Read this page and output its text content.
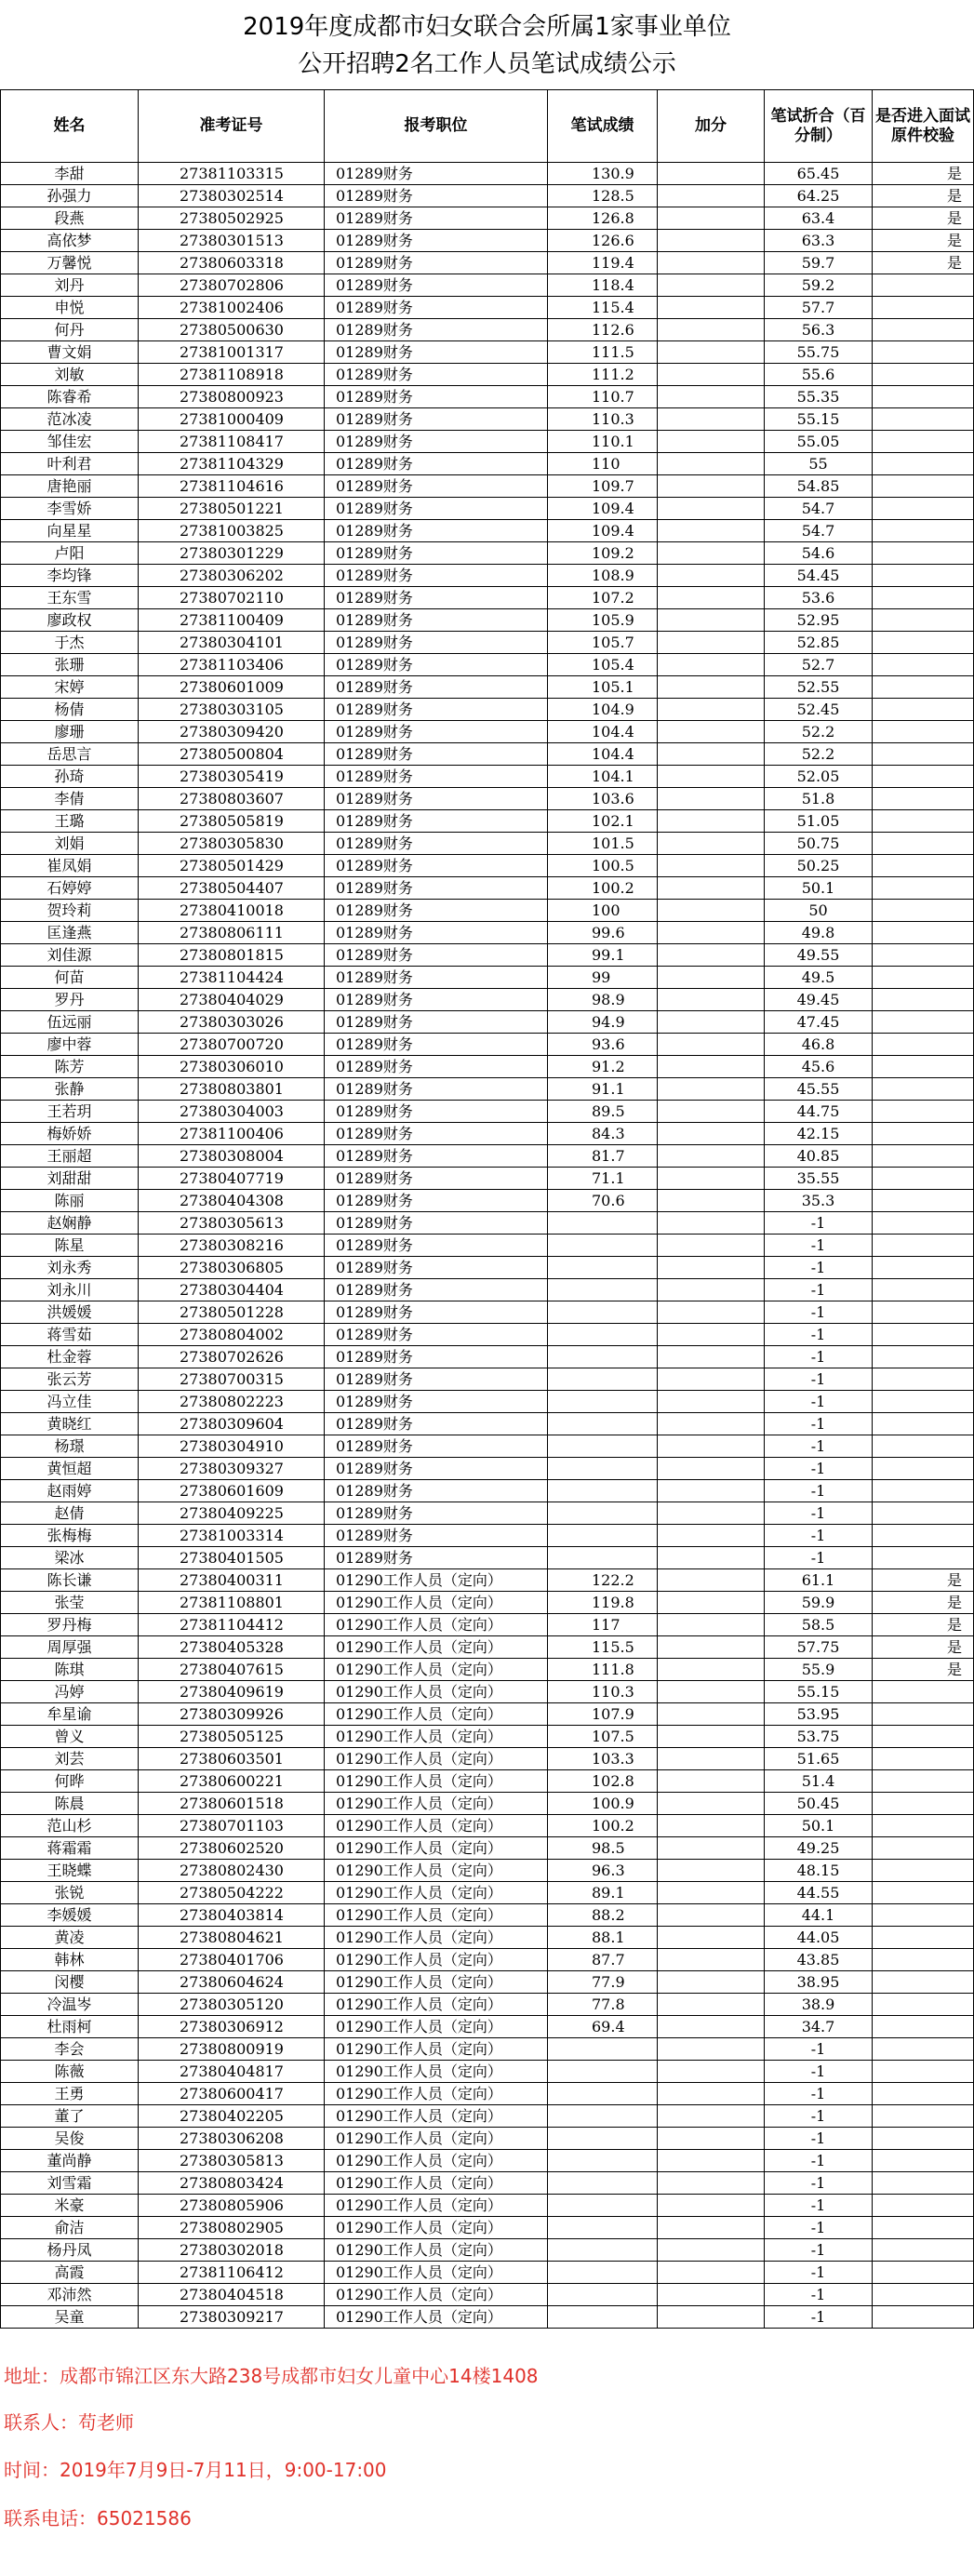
2019年度成都市妇女联合会所属1家事业单位
公开招聘2名工作人员笔试成绩公示
姓名	准考证号	报考职位	笔试成绩	加分	笔试折合（百分制）	是否进入面试原件校验
李甜	27381103315	01289财务	130.9		65.45	是
孙强力	27380302514	01289财务	128.5		64.25	是
段燕	27380502925	01289财务	126.8		63.4	是
高依梦	27380301513	01289财务	126.6		63.3	是
万馨悦	27380603318	01289财务	119.4		59.7	是
刘丹	27380702806	01289财务	118.4		59.2	
申悦	27381002406	01289财务	115.4		57.7	
何丹	27380500630	01289财务	112.6		56.3	
曹文娟	27381001317	01289财务	111.5		55.75	
刘敏	27381108918	01289财务	111.2		55.6	
陈睿希	27380800923	01289财务	110.7		55.35	
范冰凌	27381000409	01289财务	110.3		55.15	
邹佳宏	27381108417	01289财务	110.1		55.05	
叶利君	27381104329	01289财务	110		55	
唐艳丽	27381104616	01289财务	109.7		54.85	
李雪娇	27380501221	01289财务	109.4		54.7	
向星星	27381003825	01289财务	109.4		54.7	
卢阳	27380301229	01289财务	109.2		54.6	
李均锋	27380306202	01289财务	108.9		54.45	
王东雪	27380702110	01289财务	107.2		53.6	
廖政权	27381100409	01289财务	105.9		52.95	
于杰	27380304101	01289财务	105.7		52.85	
张珊	27381103406	01289财务	105.4		52.7	
宋婷	27380601009	01289财务	105.1		52.55	
杨倩	27380303105	01289财务	104.9		52.45	
廖珊	27380309420	01289财务	104.4		52.2	
岳思言	27380500804	01289财务	104.4		52.2	
孙琦	27380305419	01289财务	104.1		52.05	
李倩	27380803607	01289财务	103.6		51.8	
王璐	27380505819	01289财务	102.1		51.05	
刘娟	27380305830	01289财务	101.5		50.75	
崔凤娟	27380501429	01289财务	100.5		50.25	
石婷婷	27380504407	01289财务	100.2		50.1	
贺玲莉	27380410018	01289财务	100		50	
匡逢燕	27380806111	01289财务	99.6		49.8	
刘佳源	27380801815	01289财务	99.1		49.55	
何苗	27381104424	01289财务	99		49.5	
罗丹	27380404029	01289财务	98.9		49.45	
伍远丽	27380303026	01289财务	94.9		47.45	
廖中蓉	27380700720	01289财务	93.6		46.8	
陈芳	27380306010	01289财务	91.2		45.6	
张静	27380803801	01289财务	91.1		45.55	
王若玥	27380304003	01289财务	89.5		44.75	
梅娇娇	27381100406	01289财务	84.3		42.15	
王丽超	27380308004	01289财务	81.7		40.85	
刘甜甜	27380407719	01289财务	71.1		35.55	
陈丽	27380404308	01289财务	70.6		35.3	
赵娴静	27380305613	01289财务			-1	
陈星	27380308216	01289财务			-1	
刘永秀	27380306805	01289财务			-1	
刘永川	27380304404	01289财务			-1	
洪媛媛	27380501228	01289财务			-1	
蒋雪茹	27380804002	01289财务			-1	
杜金蓉	27380702626	01289财务			-1	
张云芳	27380700315	01289财务			-1	
冯立佳	27380802223	01289财务			-1	
黄晓红	27380309604	01289财务			-1	
杨璟	27380304910	01289财务			-1	
黄恒超	27380309327	01289财务			-1	
赵雨婷	27380601609	01289财务			-1	
赵倩	27380409225	01289财务			-1	
张梅梅	27381003314	01289财务			-1	
梁冰	27380401505	01289财务			-1	
陈长谦	27380400311	01290工作人员（定向）	122.2		61.1	是
张莹	27381108801	01290工作人员（定向）	119.8		59.9	是
罗丹梅	27381104412	01290工作人员（定向）	117		58.5	是
周厚强	27380405328	01290工作人员（定向）	115.5		57.75	是
陈琪	27380407615	01290工作人员（定向）	111.8		55.9	是
冯婷	27380409619	01290工作人员（定向）	110.3		55.15	
牟星谕	27380309926	01290工作人员（定向）	107.9		53.95	
曾义	27380505125	01290工作人员（定向）	107.5		53.75	
刘芸	27380603501	01290工作人员（定向）	103.3		51.65	
何晔	27380600221	01290工作人员（定向）	102.8		51.4	
陈晨	27380601518	01290工作人员（定向）	100.9		50.45	
范山杉	27380701103	01290工作人员（定向）	100.2		50.1	
蒋霜霜	27380602520	01290工作人员（定向）	98.5		49.25	
王晓蝶	27380802430	01290工作人员（定向）	96.3		48.15	
张锐	27380504222	01290工作人员（定向）	89.1		44.55	
李媛媛	27380403814	01290工作人员（定向）	88.2		44.1	
黄凌	27380804621	01290工作人员（定向）	88.1		44.05	
韩林	27380401706	01290工作人员（定向）	87.7		43.85	
闵樱	27380604624	01290工作人员（定向）	77.9		38.95	
冷温岑	27380305120	01290工作人员（定向）	77.8		38.9	
杜雨柯	27380306912	01290工作人员（定向）	69.4		34.7	
李会	27380800919	01290工作人员（定向）			-1	
陈薇	27380404817	01290工作人员（定向）			-1	
王勇	27380600417	01290工作人员（定向）			-1	
董了	27380402205	01290工作人员（定向）			-1	
吴俊	27380306208	01290工作人员（定向）			-1	
董尚静	27380305813	01290工作人员（定向）			-1	
刘雪霜	27380803424	01290工作人员（定向）			-1	
米豪	27380805906	01290工作人员（定向）			-1	
俞洁	27380802905	01290工作人员（定向）			-1	
杨丹凤	27380302018	01290工作人员（定向）			-1	
高霞	27381106412	01290工作人员（定向）			-1	
邓沛然	27380404518	01290工作人员（定向）			-1	
吴童	27380309217	01290工作人员（定向）			-1	
地址：成都市锦江区东大路238号成都市妇女儿童中心14楼1408
联系人：苟老师
时间：2019年7月9日-7月11日，9:00-17:00
联系电话：65021586
